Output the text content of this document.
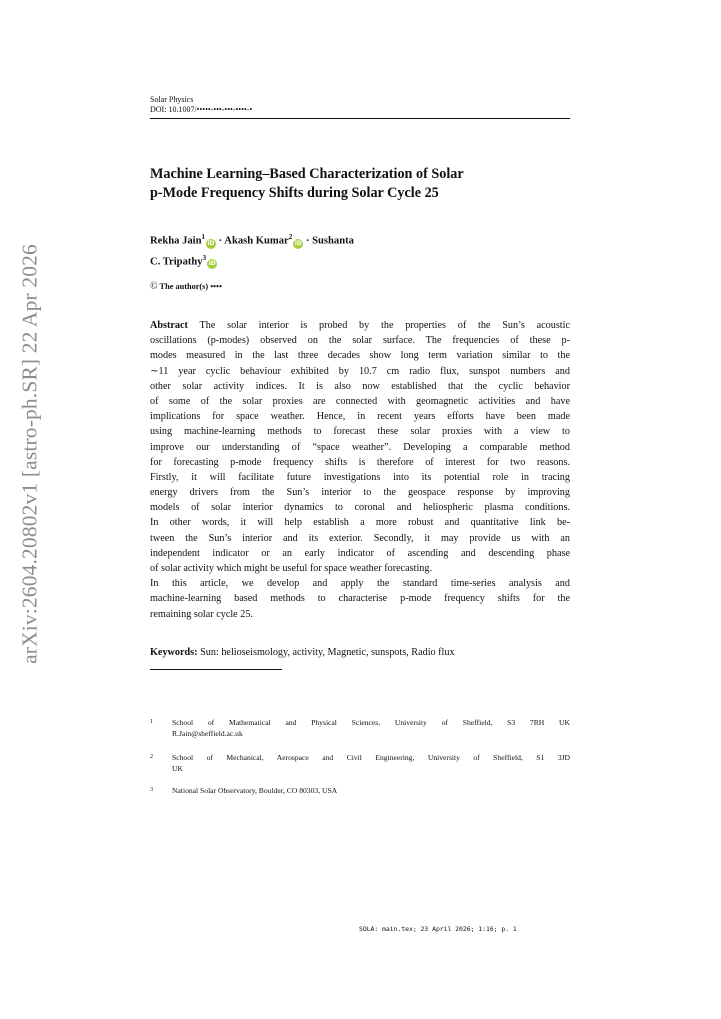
arXiv:2604.20802v1 [astro-ph.SR] 22 Apr 2026
Solar Physics
DOI: 10.1007/•••••-•••-•••-••••-•
Machine Learning–Based Characterization of Solar
p-Mode Frequency Shifts during Solar Cycle 25
Rekha Jain$^1$iD · Akash Kumar$^2$iD · Sushanta
C. Tripathy$^3$iD
© The author(s) ••••
Abstract The solar interior is probed by the properties of the Sun’s acoustic
oscillations (p-modes) observed on the solar surface. The frequencies of these p-
modes measured in the last three decades show long term variation similar to the
∼11 year cyclic behaviour exhibited by 10.7 cm radio flux, sunspot numbers and
other solar activity indices. It is also now established that the cyclic behavior
of some of the solar proxies are connected with geomagnetic activities and have
implications for space weather. Hence, in recent years efforts have been made
using machine-learning methods to forecast these solar proxies with a view to
improve our understanding of “space weather”. Developing a comparable method
for forecasting p-mode frequency shifts is therefore of interest for two reasons.
Firstly, it will facilitate future investigations into its potential role in tracing
energy drivers from the Sun’s interior to the geospace response by improving
models of solar interior dynamics to coronal and heliospheric plasma conditions.
In other words, it will help establish a more robust and quantitative link be-
tween the Sun’s interior and its exterior. Secondly, it may provide us with an
independent indicator or an early indicator of ascending and descending phase
of solar activity which might be useful for space weather forecasting.
In this article, we develop and apply the standard time-series analysis and
machine-learning based methods to characterise p-mode frequency shifts for the
remaining solar cycle 25.
Keywords: Sun: helioseismology, activity, Magnetic, sunspots, Radio flux
1	School of Mathematical and Physical Sciences, University of Sheffield, S3 7RH UK
R.Jain@sheffield.ac.uk
2	School of Mechanical, Aerospace and Civil Engineering, University of Sheffield, S1 3JD
UK
3	National Solar Observatory, Boulder, CO 80303, USA
SOLA: main.tex; 23 April 2026; 1:16; p. 1
